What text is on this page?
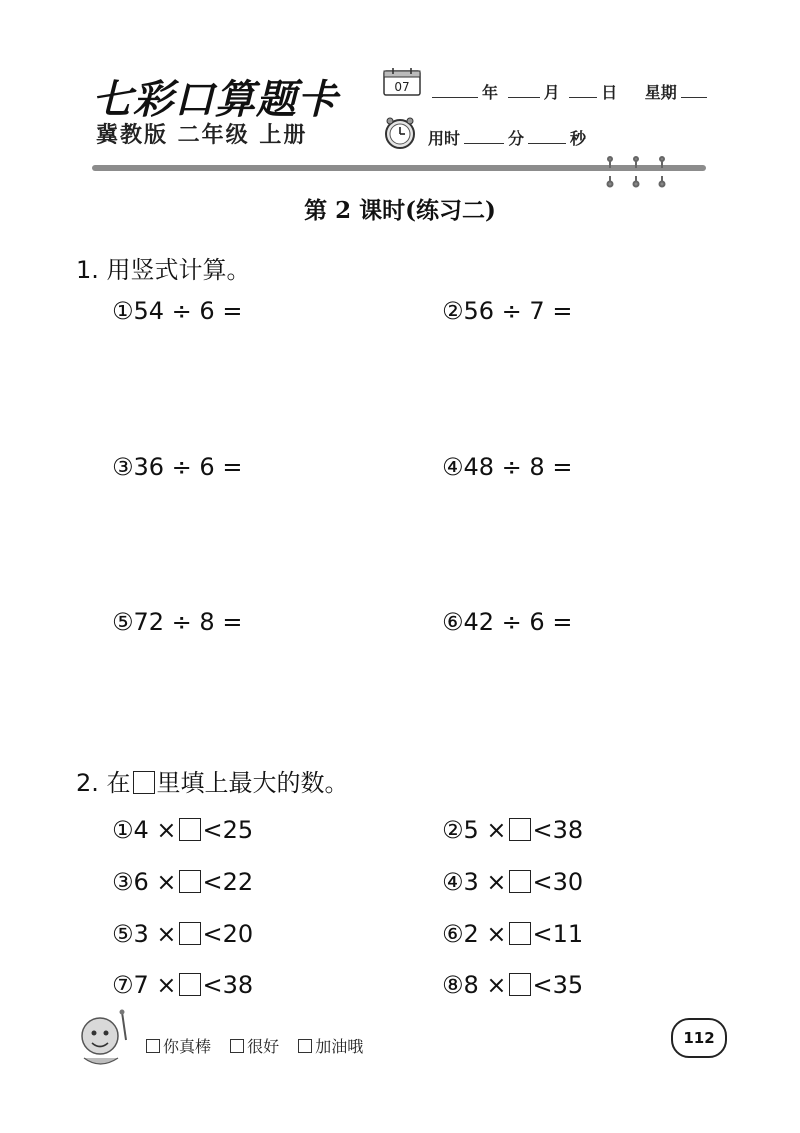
七彩口算题卡
冀教版 二年级 上册
07	年	月	日 星期
用时	分	秒
第 2 课时(练习二)
1. 用竖式计算。
①54 ÷ 6 =	②56 ÷ 7 =
③36 ÷ 6 =	④48 ÷ 8 =
⑤72 ÷ 8 =	⑥42 ÷ 6 =
2. 在 里填上最大的数。
①4 × <25	②5 × <38
③6 × <22	④3 × <30
⑤3 × <20	⑥2 × <11
⑦7 × <38	⑧8 × <35
你真棒 很好 加油哦	112
